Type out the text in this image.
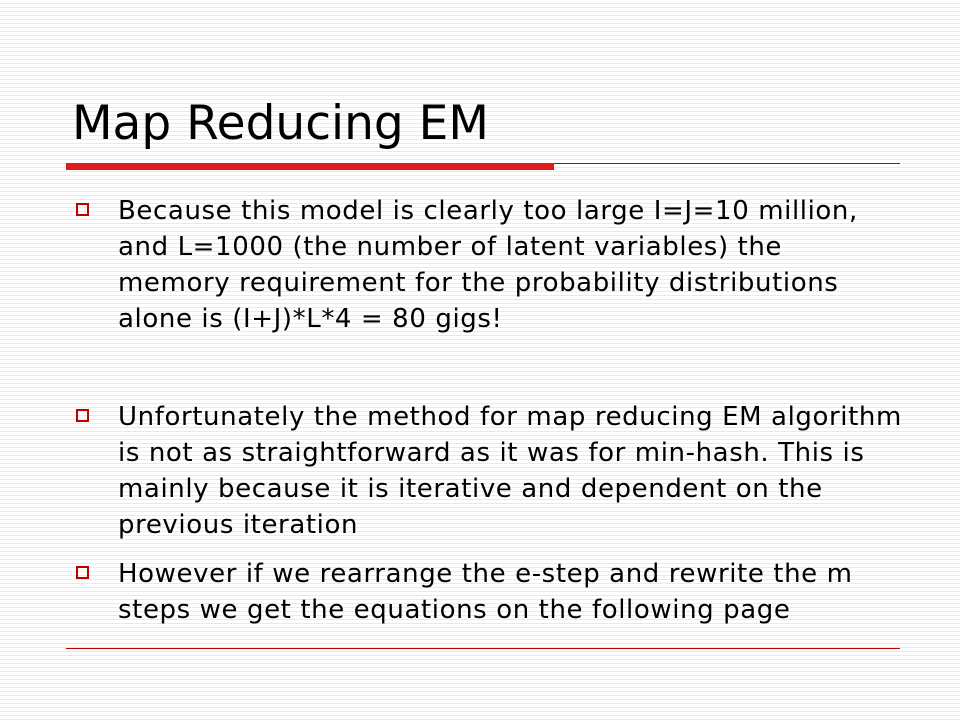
Map Reducing EM

Because this model is clearly too large I=J=10 million, and L=1000 (the number of latent variables) the memory requirement for the probability distributions alone is (I+J)*L*4 = 80 gigs!

Unfortunately the method for map reducing EM algorithm is not as straightforward as it was for min-hash. This is mainly because it is iterative and dependent on the previous iteration

However if we rearrange the e-step and rewrite the m steps we get the equations on the following page
